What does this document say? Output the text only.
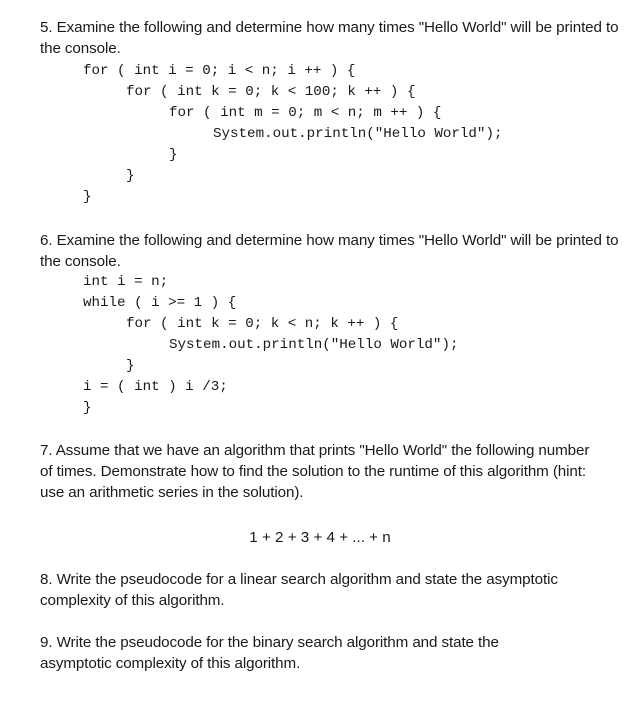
5. Examine the following and determine how many times "Hello World" will be printed to the console.
for ( int i = 0; i < n; i ++ ) {
for ( int k = 0; k < 100; k ++ ) {
for ( int m = 0; m < n; m ++ ) {
System.out.println("Hello World");
}
}
}
6. Examine the following and determine how many times "Hello World" will be printed to the console.
int i = n;
while ( i >= 1 ) {
for ( int k = 0; k < n; k ++ ) {
System.out.println("Hello World");
}
i = ( int ) i /3;
}
7. Assume that we have an algorithm that prints "Hello World" the following number of times. Demonstrate how to find the solution to the runtime of this algorithm (hint: use an arithmetic series in the solution).
1 + 2 + 3 + 4 + ... + n
8. Write the pseudocode for a linear search algorithm and state the asymptotic complexity of this algorithm.
9. Write the pseudocode for the binary search algorithm and state the asymptotic complexity of this algorithm.
